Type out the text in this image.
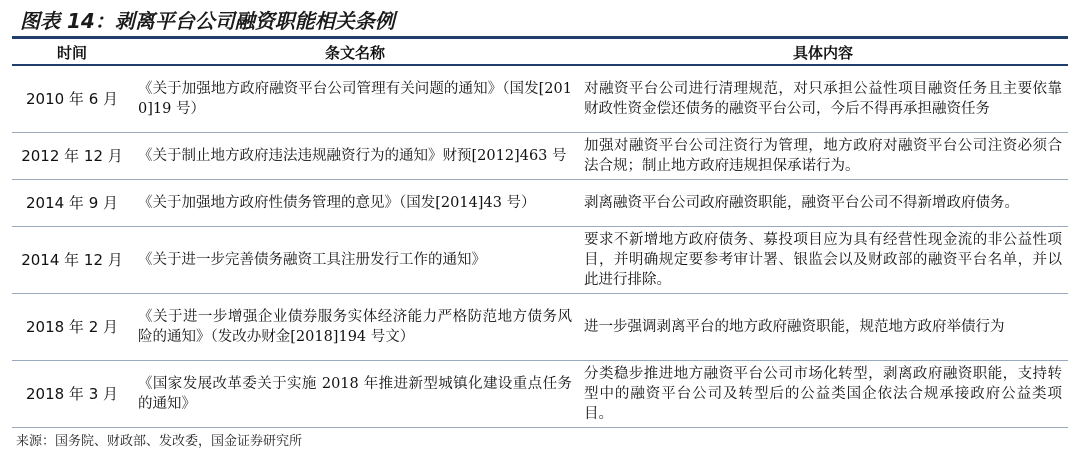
图表 14：剥离平台公司融资职能相关条例
时间	条文名称	具体内容
2010 年 6 月	《关于加强地方政府融资平台公司管理有关问题的通知》（国发[2010]19 号）	对融资平台公司进行清理规范，对只承担公益性项目融资任务且主要依靠财政性资金偿还债务的融资平台公司，今后不得再承担融资任务
2012 年 12 月	《关于制止地方政府违法违规融资行为的通知》财预[2012]463 号	加强对融资平台公司注资行为管理，地方政府对融资平台公司注资必须合法合规；制止地方政府违规担保承诺行为。
2014 年 9 月	《关于加强地方政府性债务管理的意见》（国发[2014]43 号）	剥离融资平台公司政府融资职能，融资平台公司不得新增政府债务。
2014 年 12 月	《关于进一步完善债务融资工具注册发行工作的通知》	要求不新增地方政府债务、募投项目应为具有经营性现金流的非公益性项目，并明确规定要参考审计署、银监会以及财政部的融资平台名单，并以此进行排除。
2018 年 2 月	《关于进一步增强企业债券服务实体经济能力严格防范地方债务风险的通知》（发改办财金[2018]194 号文）	进一步强调剥离平台的地方政府融资职能，规范地方政府举债行为
2018 年 3 月	《国家发展改革委关于实施 2018 年推进新型城镇化建设重点任务的通知》	分类稳步推进地方融资平台公司市场化转型，剥离政府融资职能，支持转型中的融资平台公司及转型后的公益类国企依法合规承接政府公益类项目。
来源：国务院、财政部、发改委，国金证券研究所
